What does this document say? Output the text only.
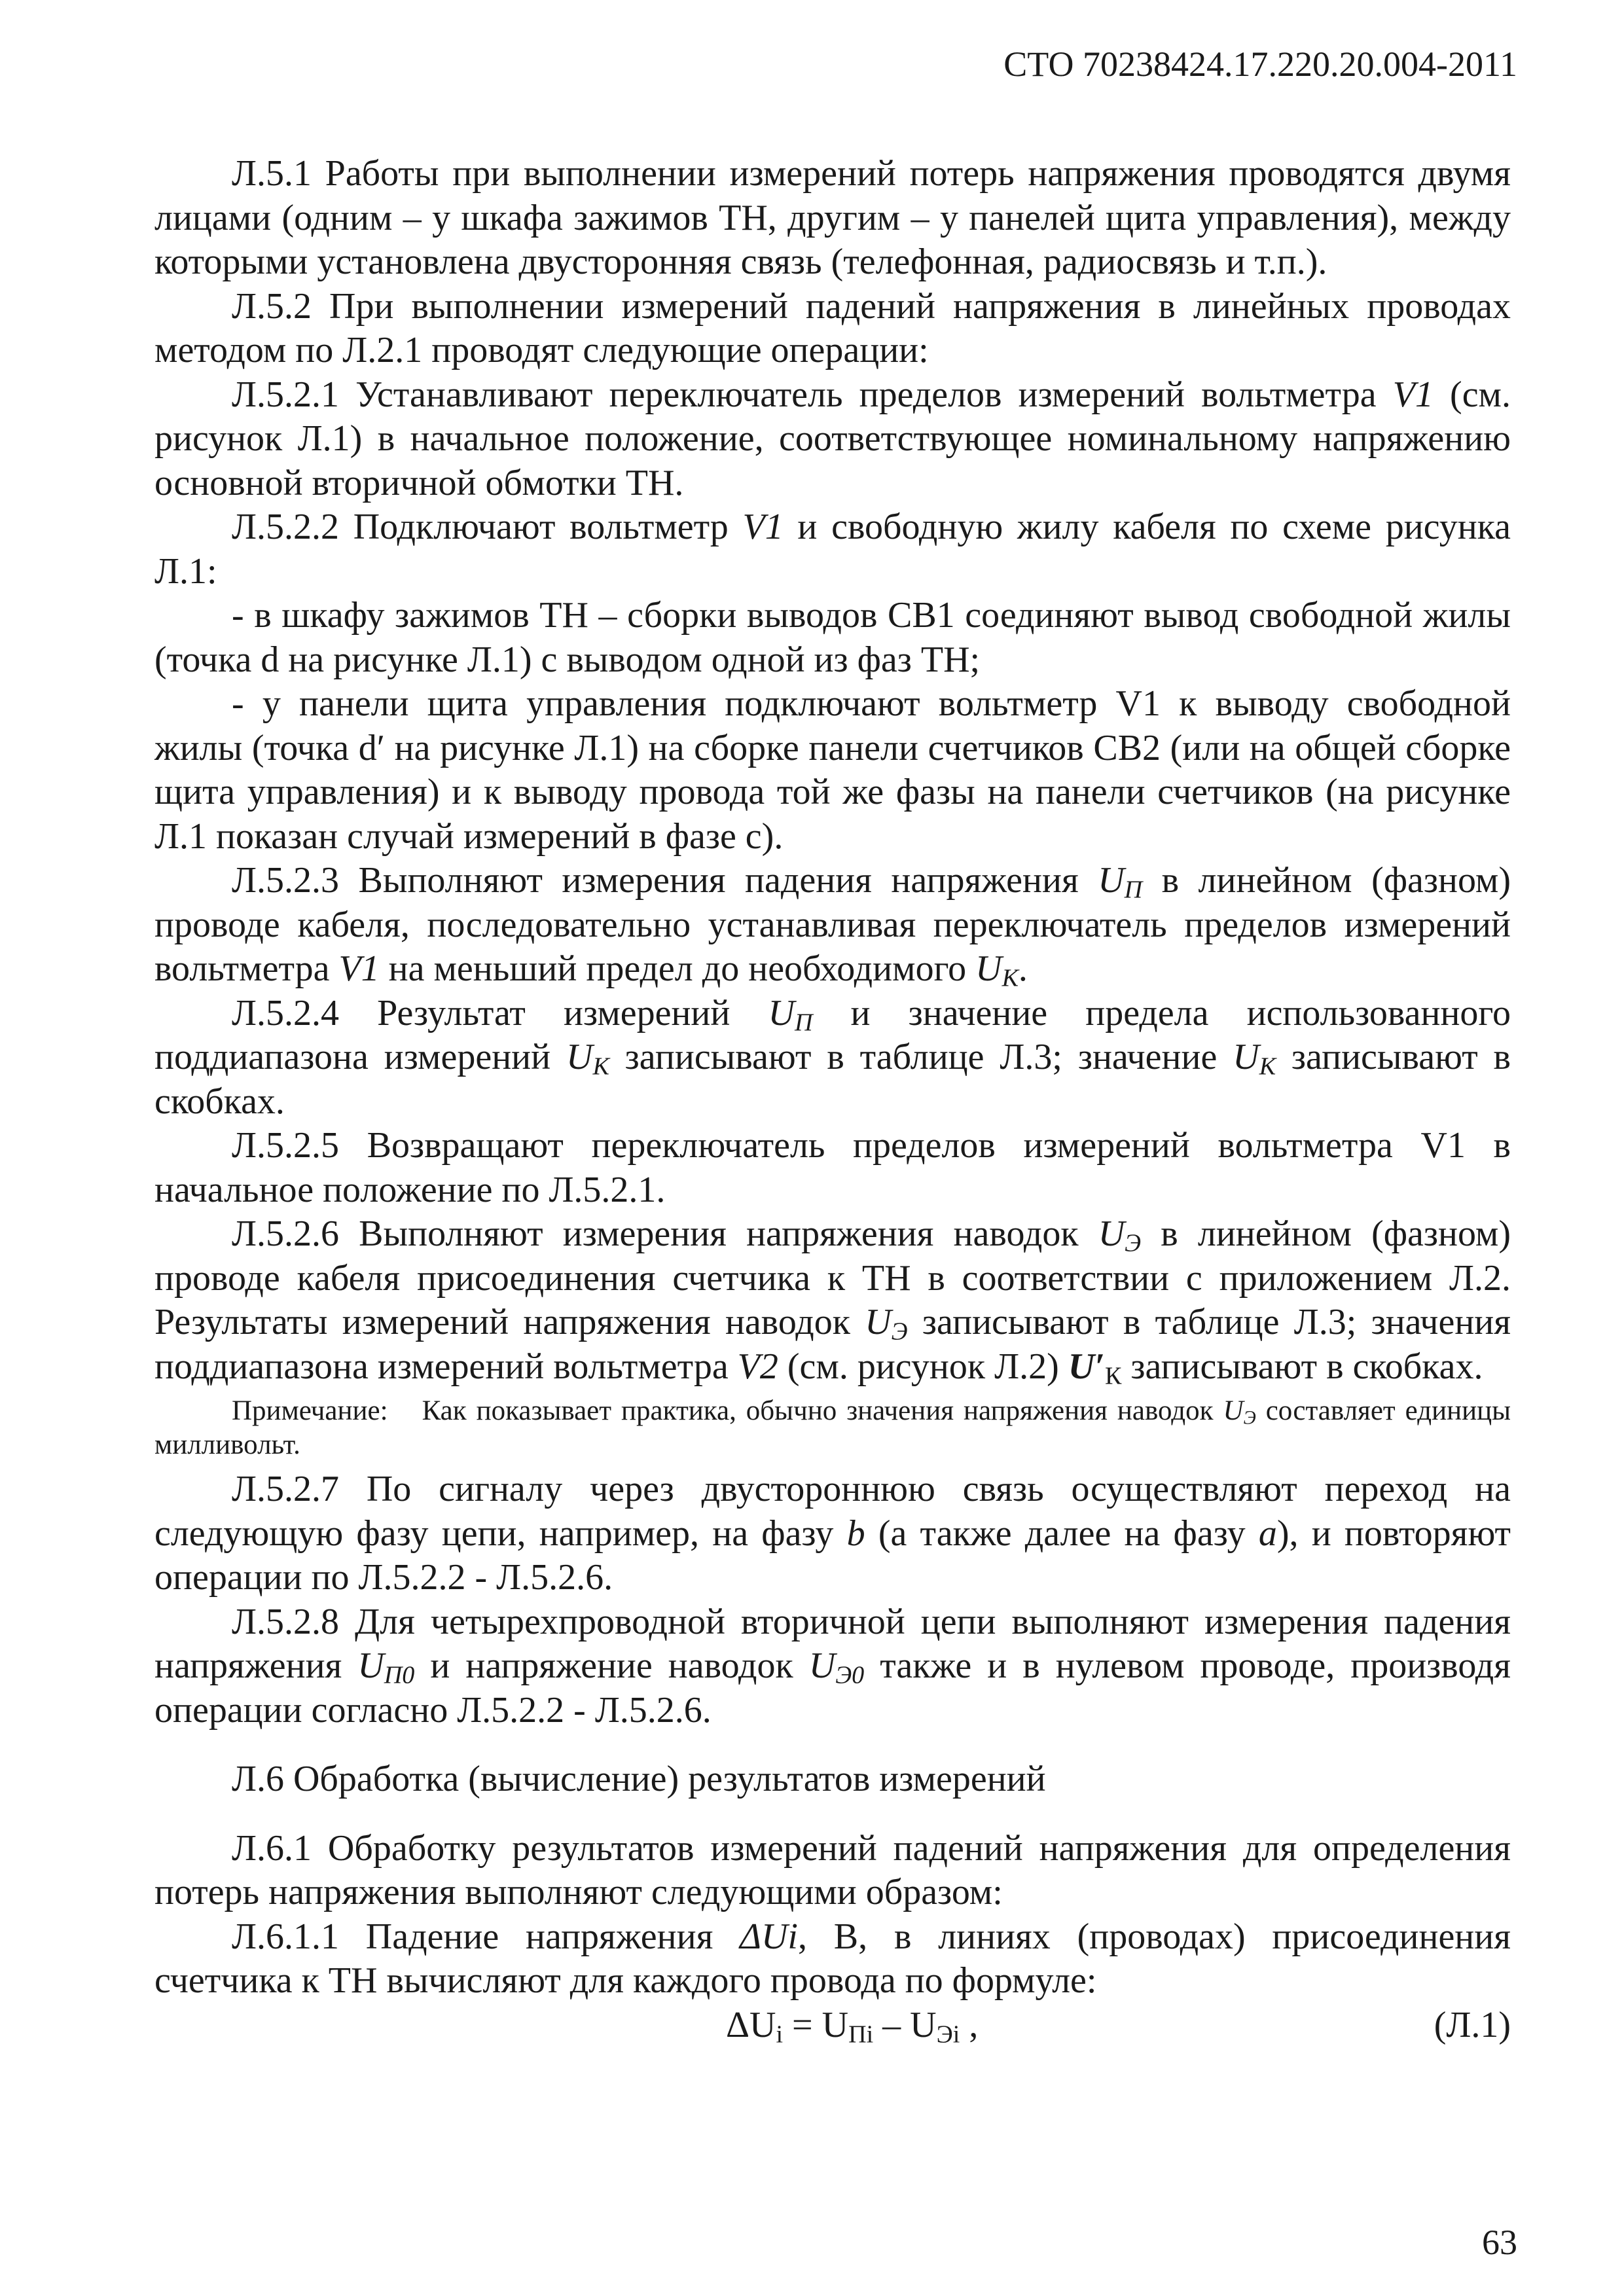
СТО 70238424.17.220.20.004-2011

Л.5.1 Работы при выполнении измерений потерь напряжения проводятся двумя лицами (одним – у шкафа зажимов ТН, другим – у панелей щита управления), между которыми установлена двусторонняя связь (телефонная, радиосвязь и т.п.).

Л.5.2 При выполнении измерений падений напряжения в линейных проводах методом по Л.2.1 проводят следующие операции:

Л.5.2.1 Устанавливают переключатель пределов измерений вольтметра V1 (см. рисунок Л.1) в начальное положение, соответствующее номинальному напряжению основной вторичной обмотки ТН.

Л.5.2.2 Подключают вольтметр V1 и свободную жилу кабеля по схеме рисунка Л.1:

- в шкафу зажимов ТН – сборки выводов СВ1 соединяют вывод свободной жилы (точка d на рисунке Л.1) с выводом одной из фаз ТН;

- у панели щита управления подключают вольтметр V1 к выводу свободной жилы (точка d′ на рисунке Л.1) на сборке панели счетчиков СВ2 (или на общей сборке щита управления) и к выводу провода той же фазы на панели счетчиков (на рисунке Л.1 показан случай измерений в фазе с).

Л.5.2.3 Выполняют измерения падения напряжения $U_П$ в линейном (фазном) проводе кабеля, последовательно устанавливая переключатель пределов измерений вольтметра V1 на меньший предел до необходимого $U_К$.

Л.5.2.4 Результат измерений $U_П$ и значение предела использованного поддиапазона измерений $U_К$ записывают в таблице Л.3; значение $U_К$ записывают в скобках.

Л.5.2.5 Возвращают переключатель пределов измерений вольтметра V1 в начальное положение по Л.5.2.1.

Л.5.2.6 Выполняют измерения напряжения наводок $U_Э$ в линейном (фазном) проводе кабеля присоединения счетчика к ТН в соответствии с приложением Л.2. Результаты измерений напряжения наводок $U_Э$ записывают в таблице Л.3; значения поддиапазона измерений вольтметра V2 (см. рисунок Л.2) $U'_К$ записывают в скобках.

Примечание: Как показывает практика, обычно значения напряжения наводок $U_Э$ составляет единицы милливольт.

Л.5.2.7 По сигналу через двустороннюю связь осуществляют переход на следующую фазу цепи, например, на фазу b (а также далее на фазу а), и повторяют операции по Л.5.2.2 - Л.5.2.6.

Л.5.2.8 Для четырехпроводной вторичной цепи выполняют измерения падения напряжения $U_{П0}$ и напряжение наводок $U_{Э0}$ также и в нулевом проводе, производя операции согласно Л.5.2.2 - Л.5.2.6.

Л.6 Обработка (вычисление) результатов измерений

Л.6.1 Обработку результатов измерений падений напряжения для определения потерь напряжения выполняют следующими образом:

Л.6.1.1 Падение напряжения ΔUi, В, в линиях (проводах) присоединения счетчика к ТН вычисляют для каждого провода по формуле:

$\Delta U_i = U_{Пi} - U_{Эi}$ ,	(Л.1)
63
